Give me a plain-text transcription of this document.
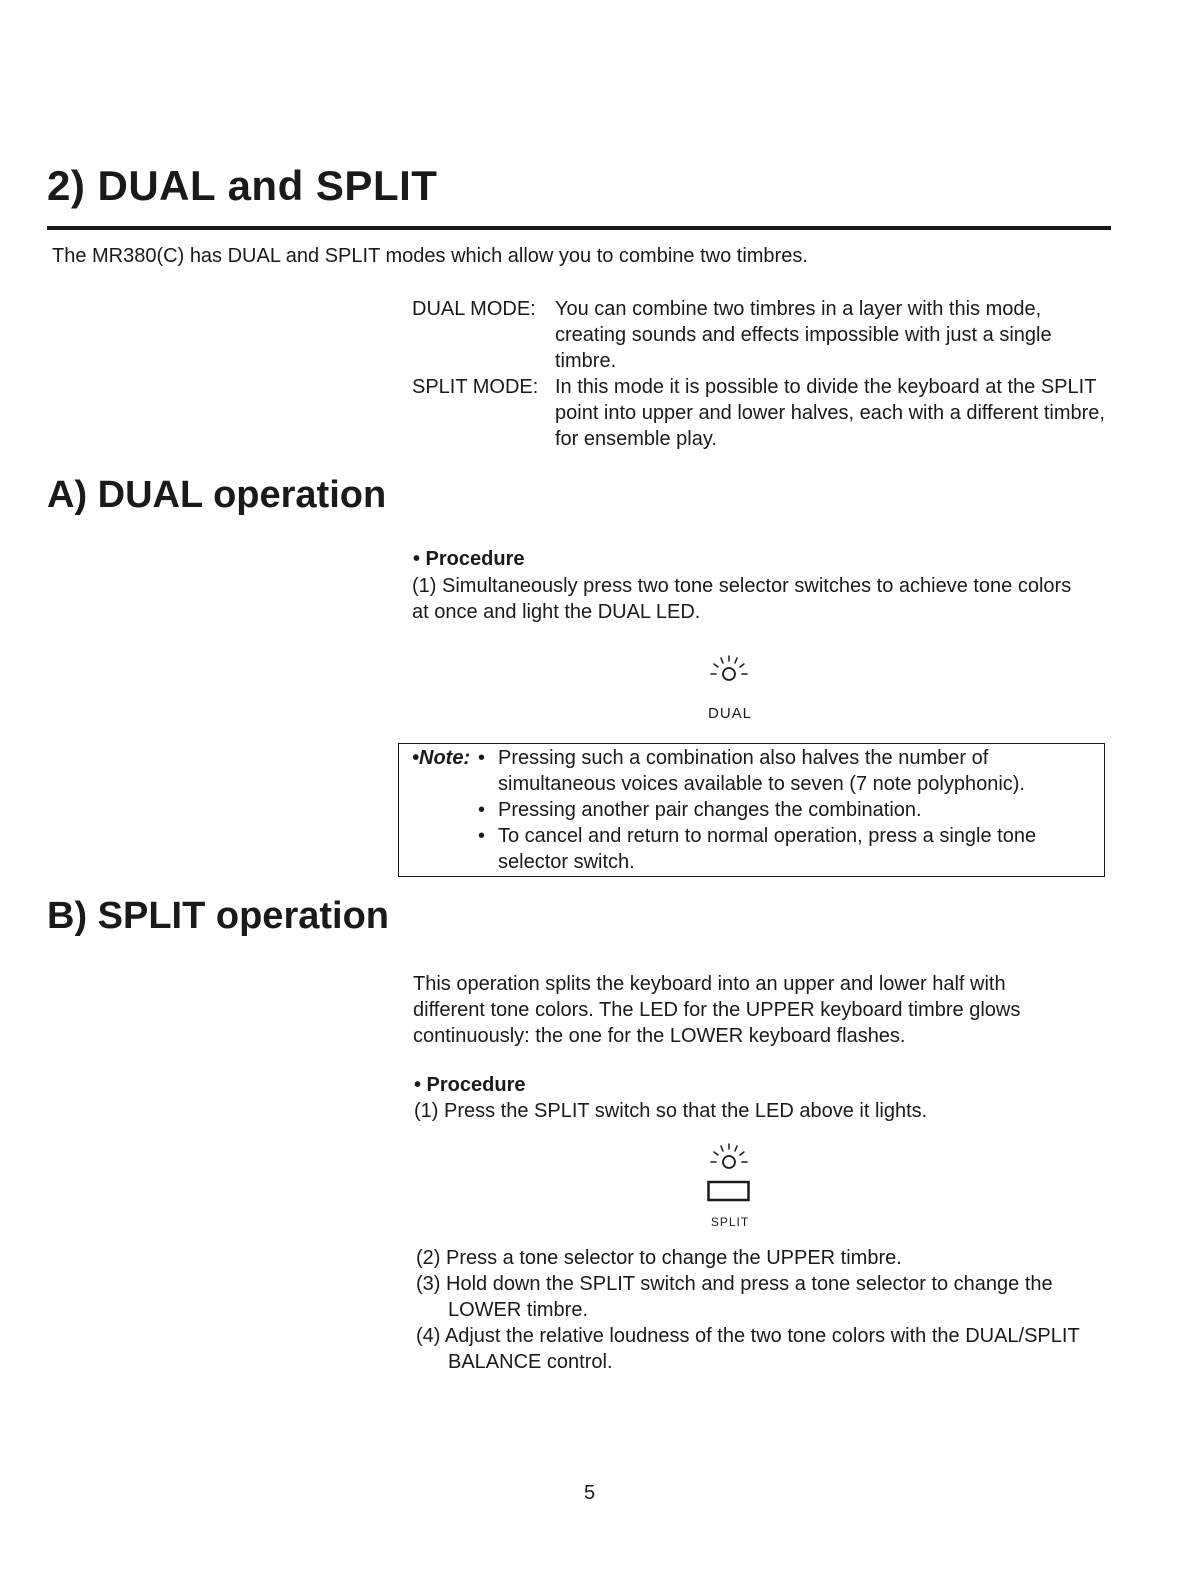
2) DUAL and SPLIT
The MR380(C) has DUAL and SPLIT modes which allow you to combine two timbres.
DUAL MODE: You can combine two timbres in a layer with this mode, creating sounds and effects impossible with just a single timbre.
SPLIT MODE: In this mode it is possible to divide the keyboard at the SPLIT point into upper and lower halves, each with a different timbre, for ensemble play.
A) DUAL operation
• Procedure
(1) Simultaneously press two tone selector switches to achieve tone colors at once and light the DUAL LED.
DUAL
•Note: • Pressing such a combination also halves the number of simultaneous voices available to seven (7 note polyphonic).
• Pressing another pair changes the combination.
• To cancel and return to normal operation, press a single tone selector switch.
B) SPLIT operation
This operation splits the keyboard into an upper and lower half with different tone colors. The LED for the UPPER keyboard timbre glows continuously: the one for the LOWER keyboard flashes.
• Procedure
(1) Press the SPLIT switch so that the LED above it lights.
SPLIT
(2) Press a tone selector to change the UPPER timbre.
(3) Hold down the SPLIT switch and press a tone selector to change the LOWER timbre.
(4) Adjust the relative loudness of the two tone colors with the DUAL/SPLIT BALANCE control.
5
